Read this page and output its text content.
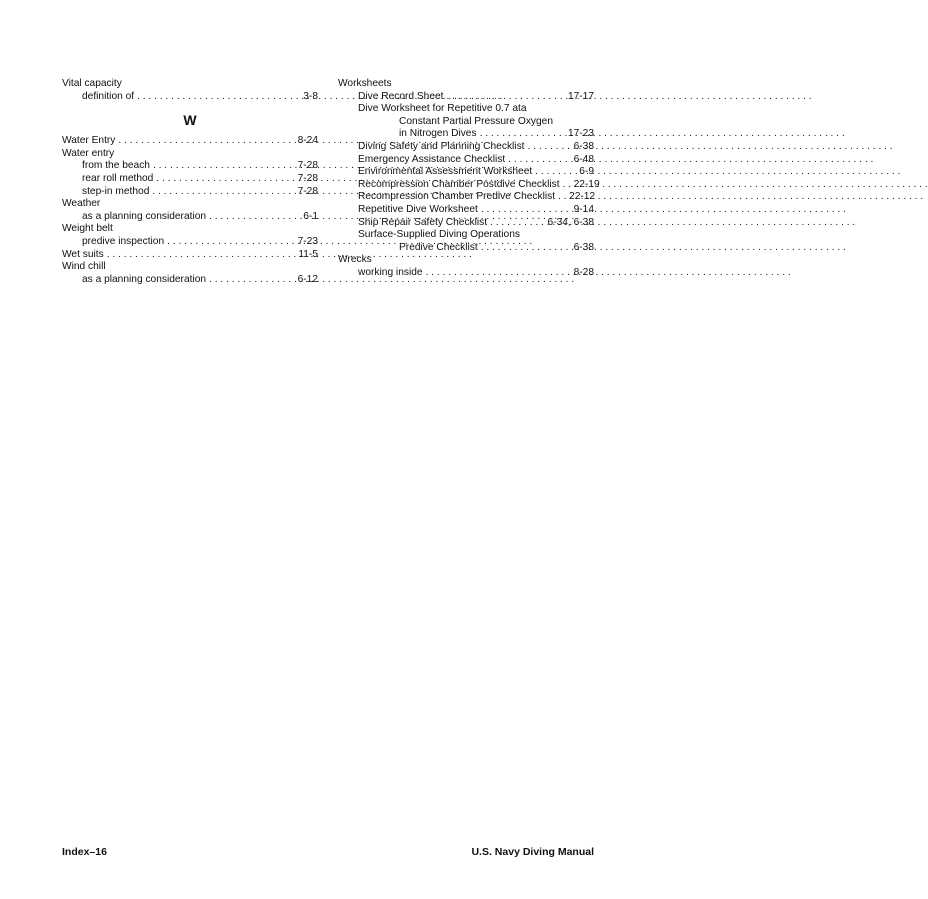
Vital capacity
definition of . . .	3-8
W
Water Entry . . .	8-24
Water entry
from the beach . . .	7-28
rear roll method . . .	7-28
step-in method . . .	7-28
Weather
as a planning consideration . . .	6-1
Weight belt
predive inspection . . .	7-23
Wet suits . . .	11-5
Wind chill
as a planning consideration . . .	6-12
Worksheets
Dive Record Sheet . . .	17-17
Dive Worksheet for Repetitive 0.7 ata
Constant Partial Pressure Oxygen
in Nitrogen Dives . . .	17-23
Diving Safety and Planning Checklist . . .	6-38
Emergency Assistance Checklist . . .	6-48
Environmental Assessment Worksheet . . .	6-9
Recompression Chamber Postdive Checklist . . . 22-19
Recompression Chamber Predive Checklist . . . 22-12
Repetitive Dive Worksheet . . .	9-14
Ship Repair Safety Checklist . . .	6-34, 6-38
Surface-Supplied Diving Operations
Predive Checklist . . .	6-38
Wrecks
working inside . . .	8-28
Index–16	U.S. Navy Diving Manual
